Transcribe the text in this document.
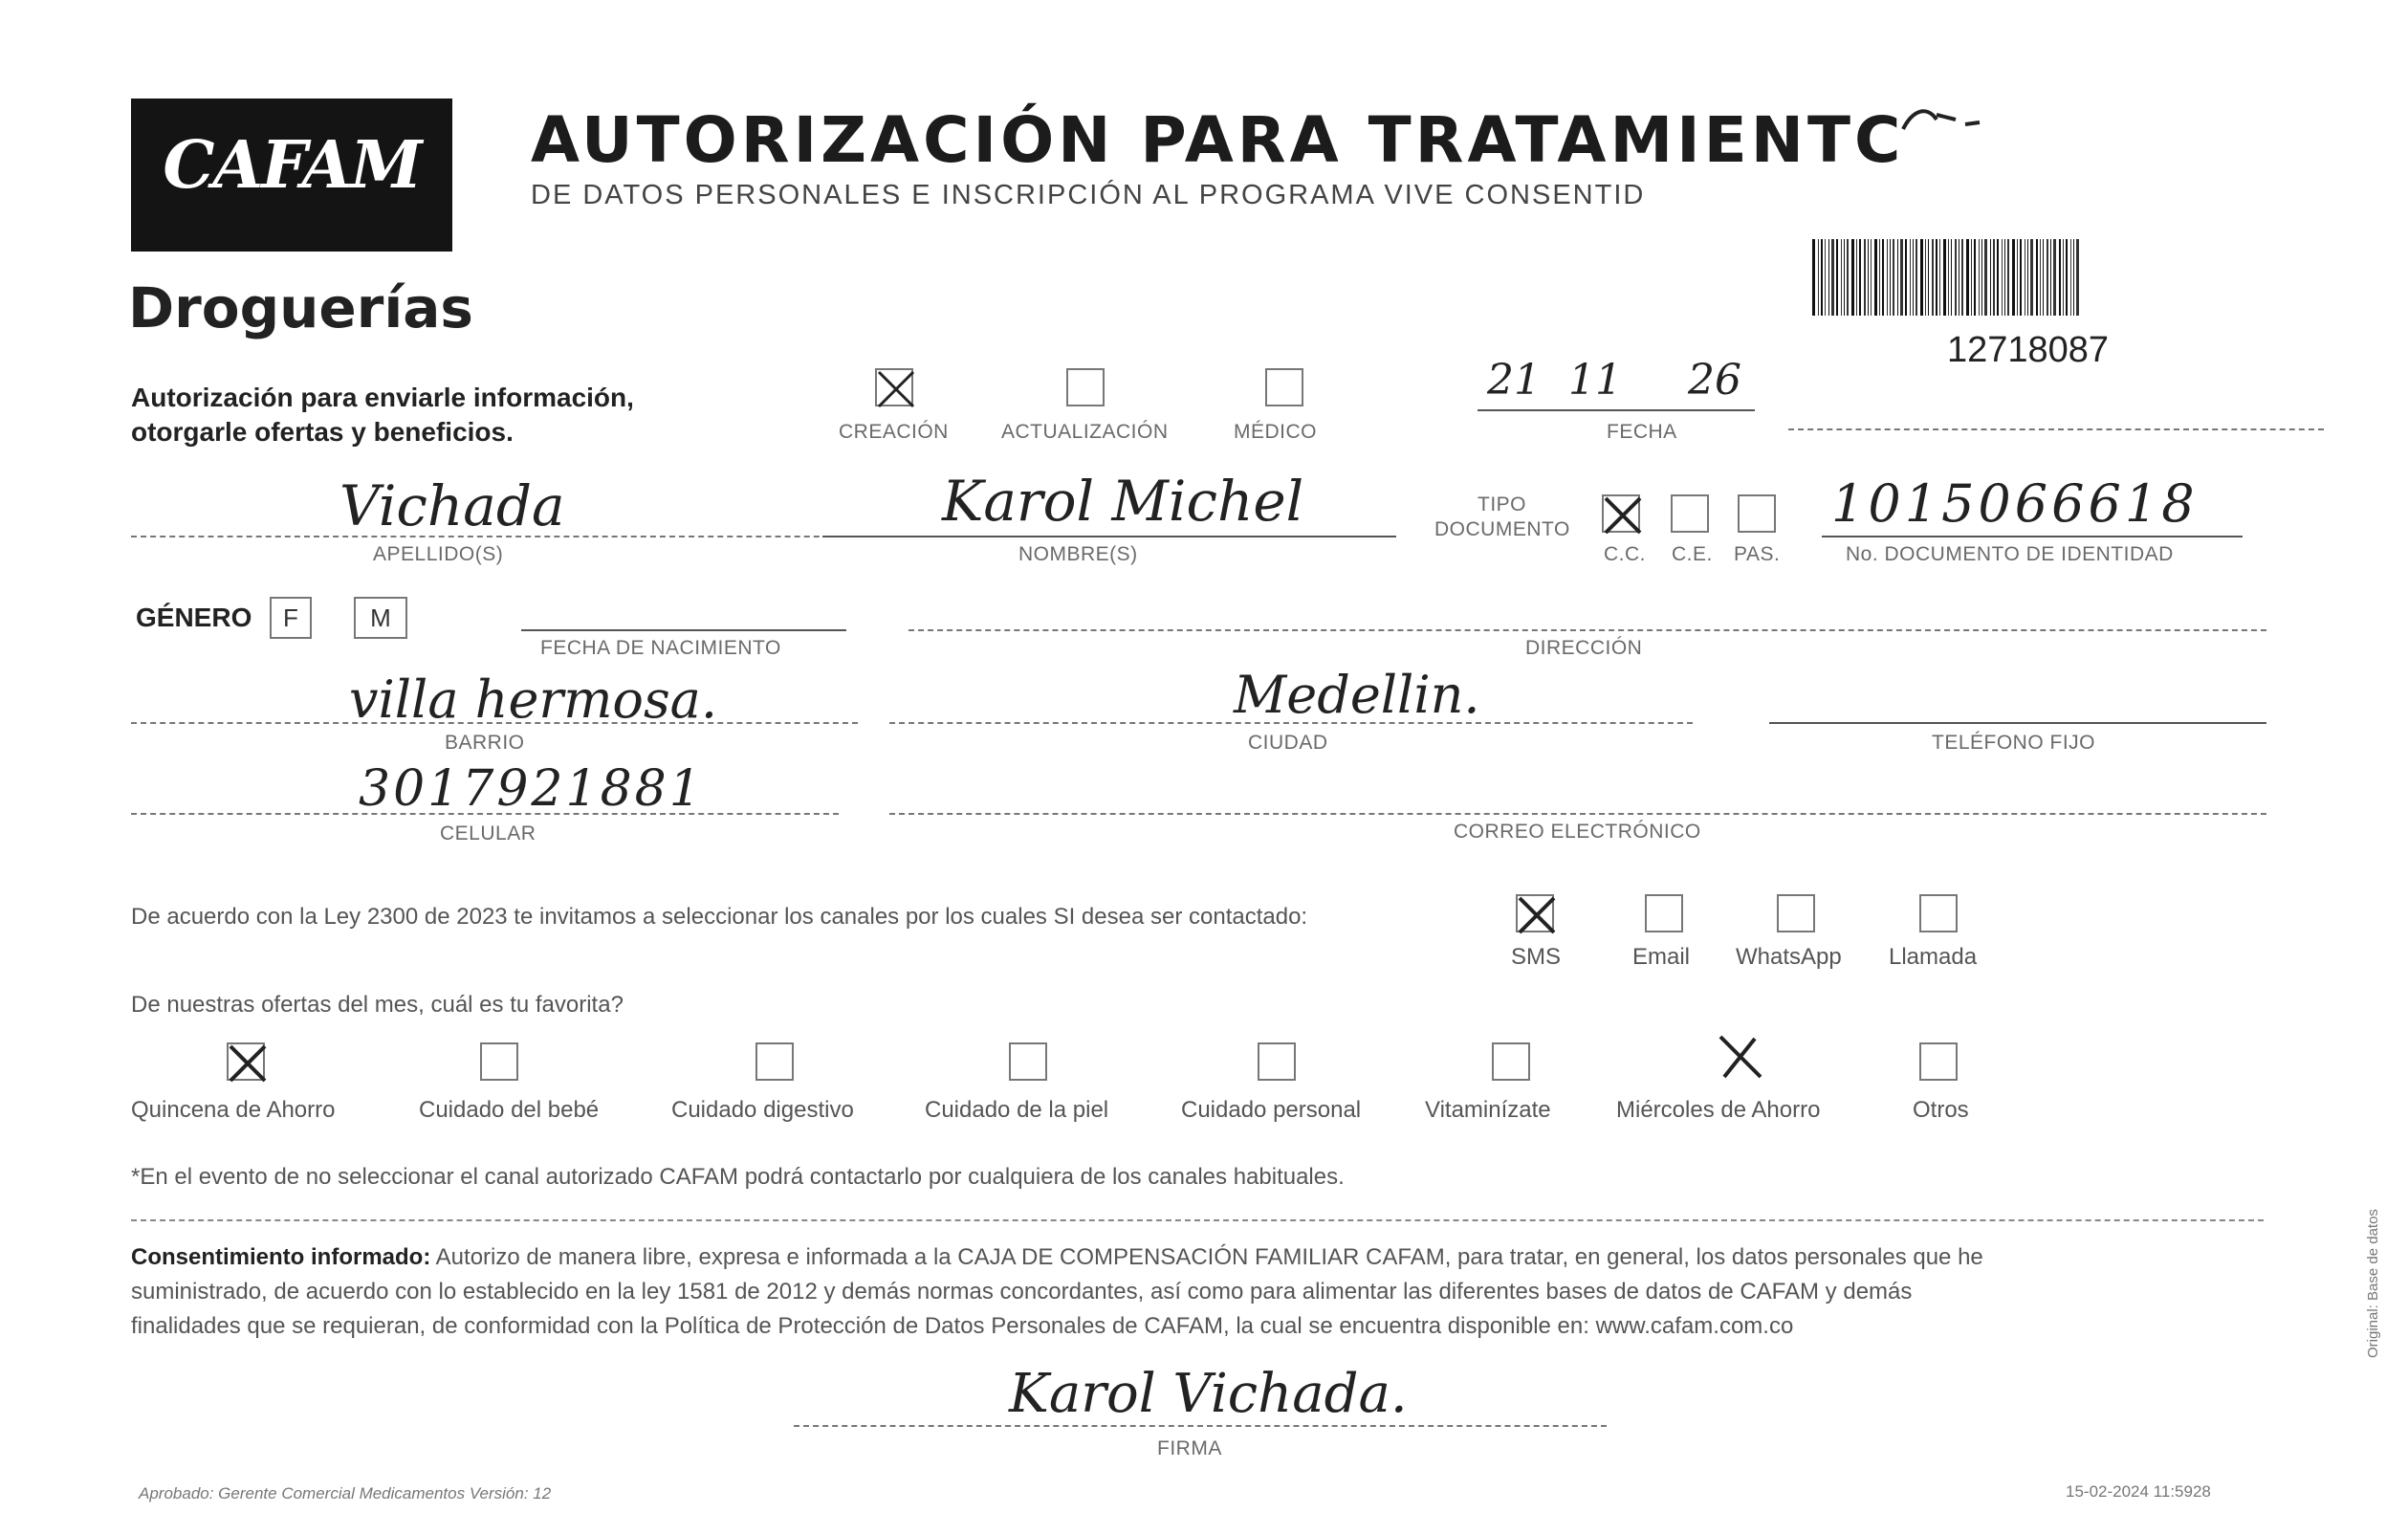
CAFAM
Droguerías
AUTORIZACIÓN PARA TRATAMIENTC
DE DATOS PERSONALES E INSCRIPCIÓN AL PROGRAMA VIVE CONSENTID
12718087
Autorización para enviarle información,
otorgarle ofertas y beneficios.	CREACIÓN	ACTUALIZACIÓN	MÉDICO
21 11 26
FECHA
Vichada
APELLIDO(S)
Karol Michel
NOMBRE(S)
TIPO
DOCUMENTO
C.C. C.E. PAS.
1015066618
No. DOCUMENTO DE IDENTIDAD
GÉNERO	F	M
FECHA DE NACIMIENTO	DIRECCIÓN
villa hermosa.
BARRIO
Medellin.
CIUDAD	TELÉFONO FIJO
3017921881
CELULAR	CORREO ELECTRÓNICO
De acuerdo con la Ley 2300 de 2023 te invitamos a seleccionar los canales por los cuales SI desea ser contactado:
SMS	Email WhatsApp Llamada
De nuestras ofertas del mes, cuál es tu favorita?
Quincena de Ahorro	Cuidado del bebé	Cuidado digestivo	Cuidado de la piel	Cuidado personal	Vitaminízate	Miércoles de Ahorro	Otros
*En el evento de no seleccionar el canal autorizado CAFAM podrá contactarlo por cualquiera de los canales habituales.
Consentimiento informado: Autorizo de manera libre, expresa e informada a la CAJA DE COMPENSACIÓN FAMILIAR CAFAM, para tratar, en general, los datos personales que he
suministrado, de acuerdo con lo establecido en la ley 1581 de 2012 y demás normas concordantes, así como para alimentar las diferentes bases de datos de CAFAM y demás
finalidades que se requieran, de conformidad con la Política de Protección de Datos Personales de CAFAM, la cual se encuentra disponible en: www.cafam.com.co
Karol Vichada.
FIRMA
Aprobado: Gerente Comercial Medicamentos Versión: 12	15-02-2024 11:5928
Original: Base de datos
